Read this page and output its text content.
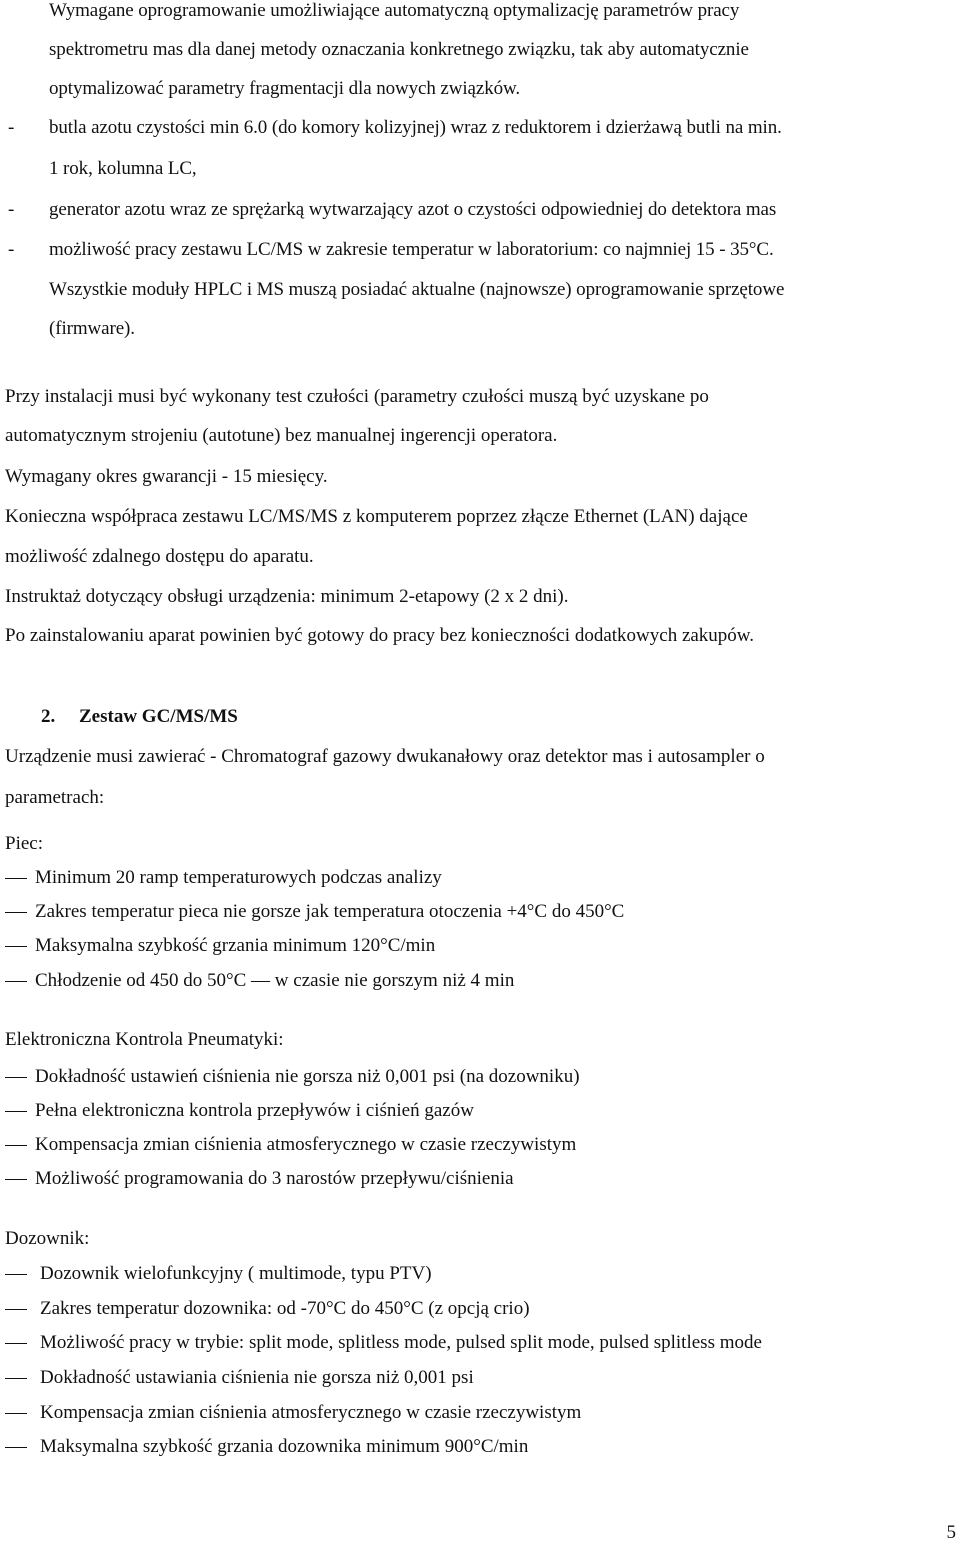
Wymagane oprogramowanie umożliwiające automatyczną optymalizację parametrów pracy
spektrometru mas dla danej metody oznaczania konkretnego związku, tak aby automatycznie
optymalizować parametry fragmentacji dla nowych związków.
- butla azotu czystości min 6.0 (do komory kolizyjnej) wraz z reduktorem i dzierżawą butli na min.
1 rok, kolumna LC,
- generator azotu wraz ze sprężarką wytwarzający azot o czystości odpowiedniej do detektora mas
- możliwość pracy zestawu LC/MS w zakresie temperatur w laboratorium: co najmniej 15 - 35°C.
Wszystkie moduły HPLC i MS muszą posiadać aktualne (najnowsze) oprogramowanie sprzętowe
(firmware).
Przy instalacji musi być wykonany test czułości (parametry czułości muszą być uzyskane po
automatycznym strojeniu (autotune) bez manualnej ingerencji operatora.
Wymagany okres gwarancji - 15 miesięcy.
Konieczna współpraca zestawu LC/MS/MS z komputerem poprzez złącze Ethernet (LAN) dające
możliwość zdalnego dostępu do aparatu.
Instruktaż dotyczący obsługi urządzenia: minimum 2-etapowy (2 x 2 dni).
Po zainstalowaniu aparat powinien być gotowy do pracy bez konieczności dodatkowych zakupów.
2. Zestaw GC/MS/MS
Urządzenie musi zawierać - Chromatograf gazowy dwukanałowy oraz detektor mas i autosampler o
parametrach:
Piec:
Minimum 20 ramp temperaturowych podczas analizy
Zakres temperatur pieca nie gorsze jak temperatura otoczenia +4°C do 450°C
Maksymalna szybkość grzania minimum 120°C/min
Chłodzenie od 450 do 50°C — w czasie nie gorszym niż 4 min
Elektroniczna Kontrola Pneumatyki:
Dokładność ustawień ciśnienia nie gorsza niż 0,001 psi (na dozowniku)
Pełna elektroniczna kontrola przepływów i ciśnień gazów
Kompensacja zmian ciśnienia atmosferycznego w czasie rzeczywistym
Możliwość programowania do 3 narostów przepływu/ciśnienia
Dozownik:
Dozownik wielofunkcyjny ( multimode, typu PTV)
Zakres temperatur dozownika: od -70°C do 450°C (z opcją crio)
Możliwość pracy w trybie: split mode, splitless mode, pulsed split mode, pulsed splitless mode
Dokładność ustawiania ciśnienia nie gorsza niż 0,001 psi
Kompensacja zmian ciśnienia atmosferycznego w czasie rzeczywistym
Maksymalna szybkość grzania dozownika minimum 900°C/min
5
